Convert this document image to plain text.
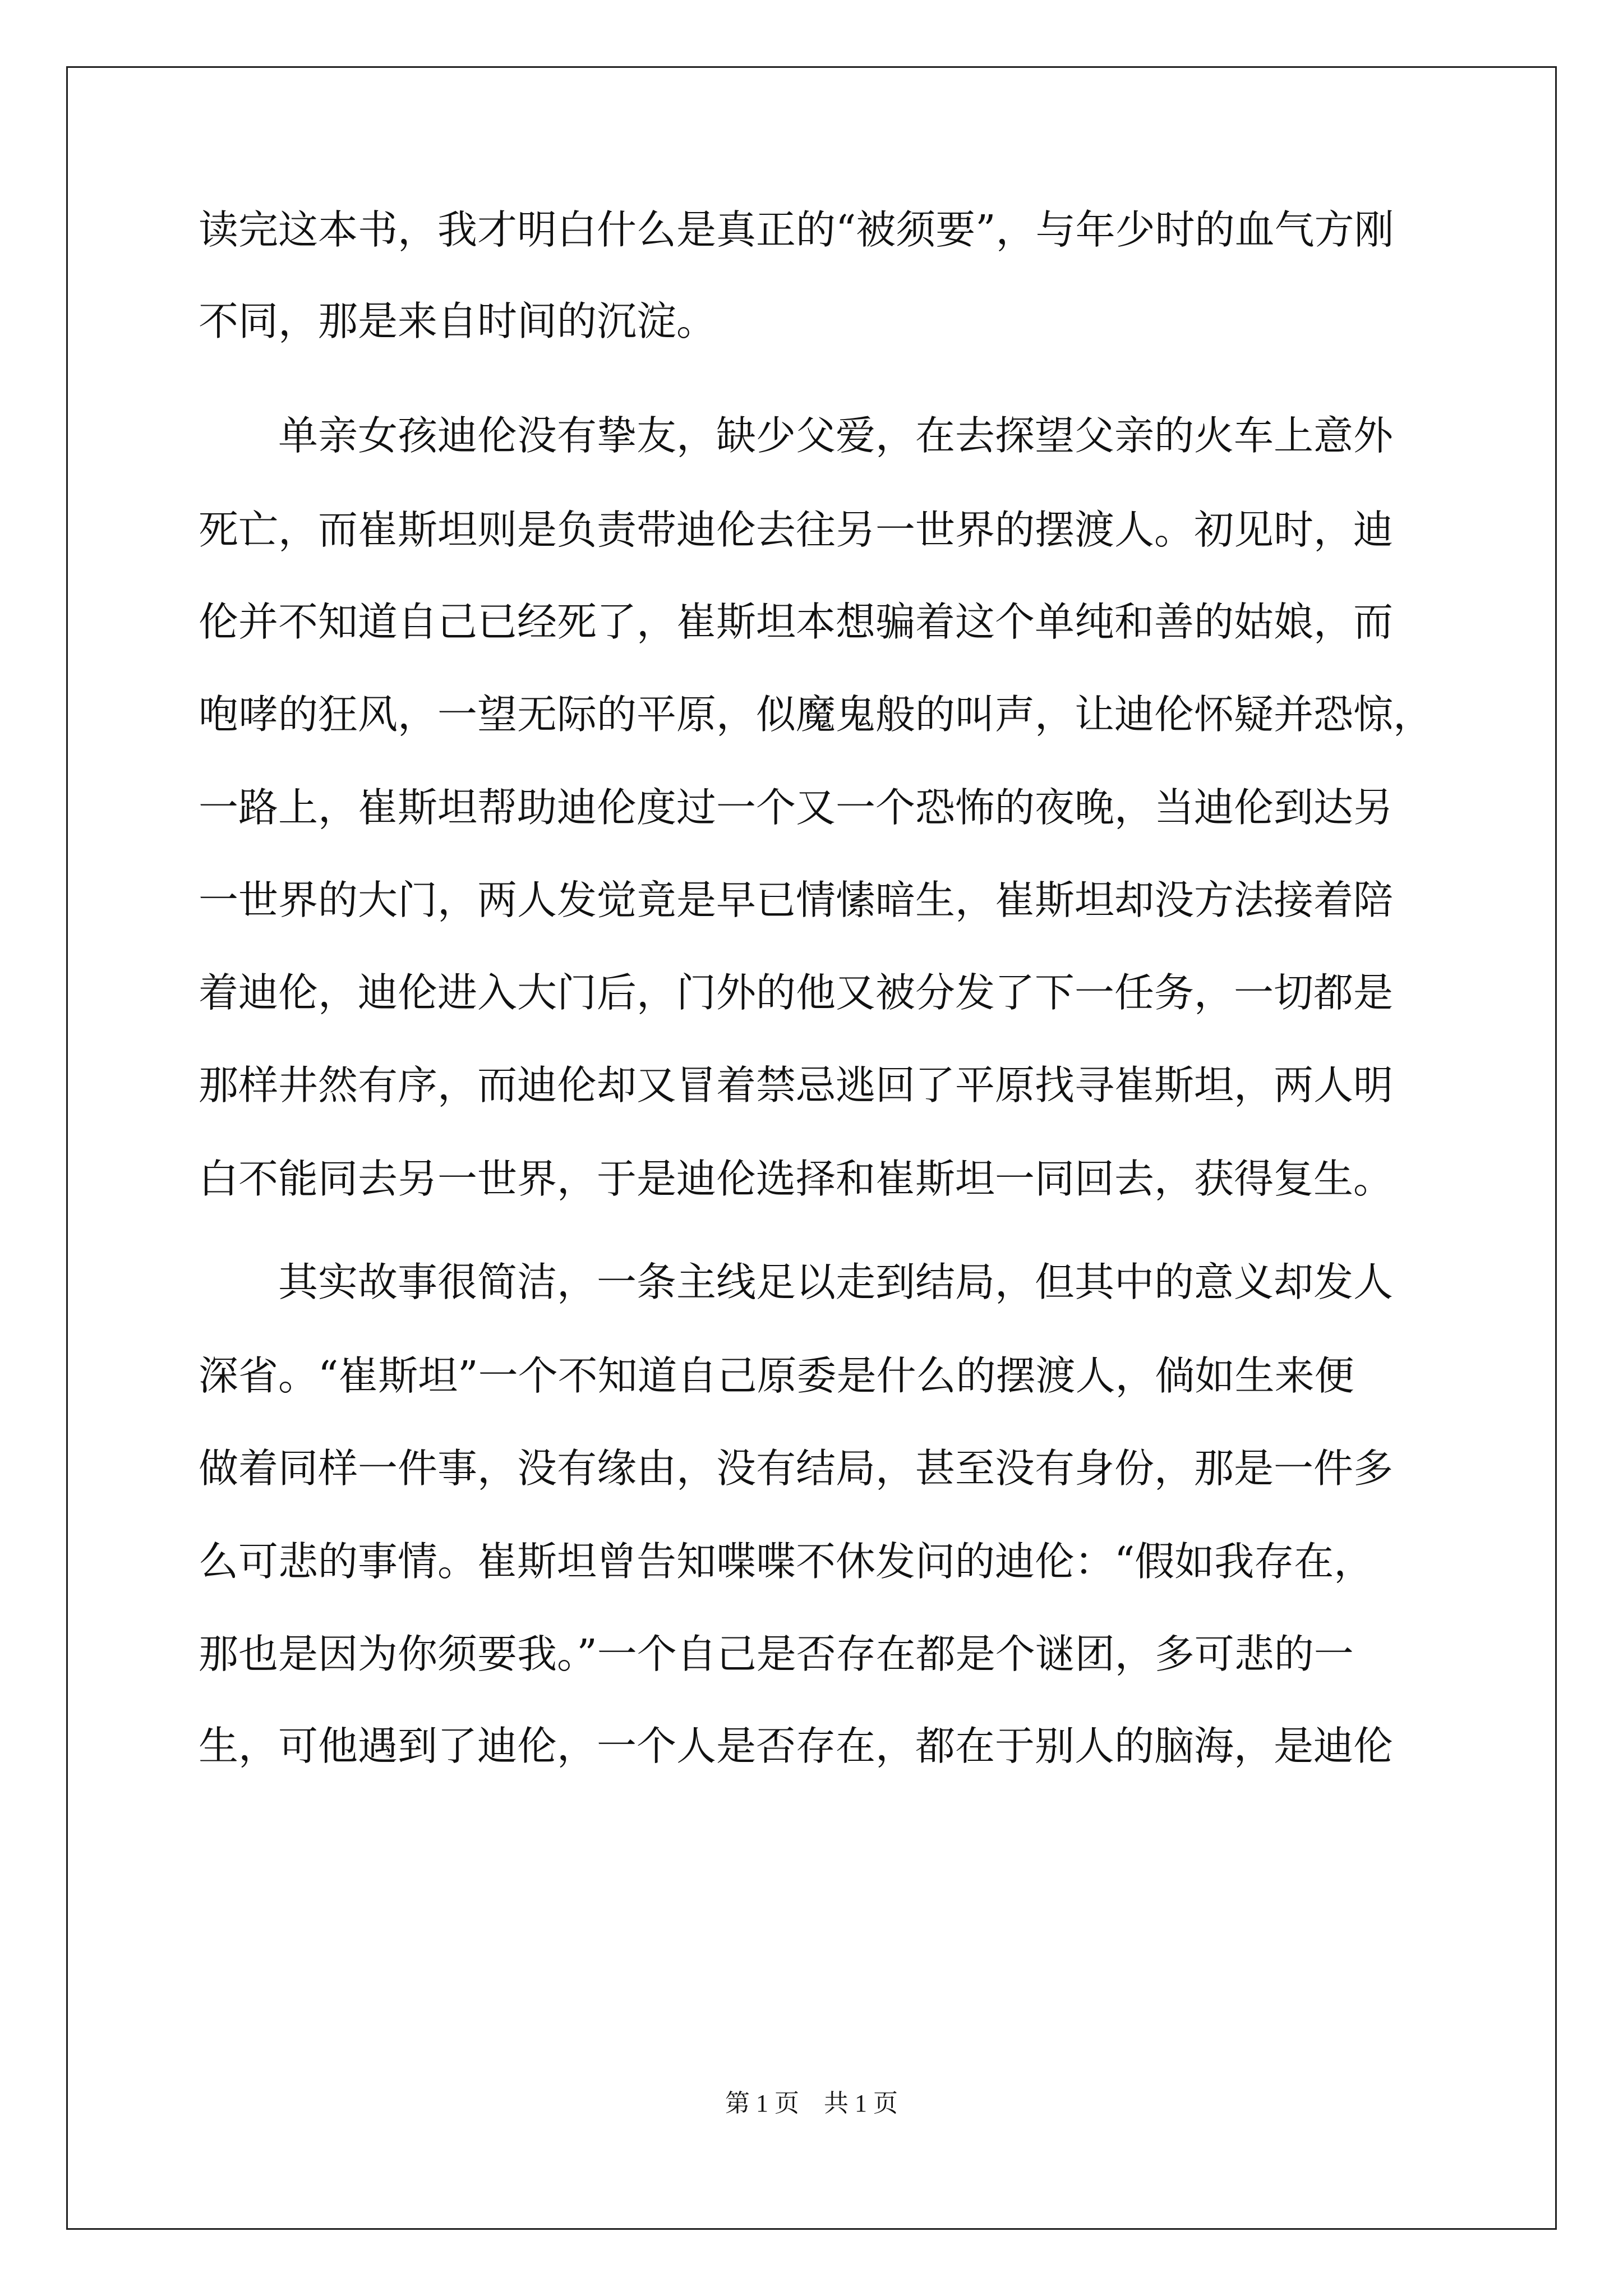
读完这本书，我才明白什么是真正的“被须要”，与年少时的血气方刚
不同，那是来自时间的沉淀。
　　单亲女孩迪伦没有挚友，缺少父爱，在去探望父亲的火车上意外
死亡，而崔斯坦则是负责带迪伦去往另一世界的摆渡人。初见时，迪
伦并不知道自己已经死了，崔斯坦本想骗着这个单纯和善的姑娘，而
咆哮的狂风，一望无际的平原，似魔鬼般的叫声，让迪伦怀疑并恐惊，
一路上，崔斯坦帮助迪伦度过一个又一个恐怖的夜晚，当迪伦到达另
一世界的大门，两人发觉竟是早已情愫暗生，崔斯坦却没方法接着陪
着迪伦，迪伦进入大门后，门外的他又被分发了下一任务，一切都是
那样井然有序，而迪伦却又冒着禁忌逃回了平原找寻崔斯坦，两人明
白不能同去另一世界，于是迪伦选择和崔斯坦一同回去，获得复生。
　　其实故事很简洁，一条主线足以走到结局，但其中的意义却发人
深省。“崔斯坦”一个不知道自己原委是什么的摆渡人，倘如生来便
做着同样一件事，没有缘由，没有结局，甚至没有身份，那是一件多
么可悲的事情。崔斯坦曾告知喋喋不休发问的迪伦：“假如我存在，
那也是因为你须要我。”一个自己是否存在都是个谜团，多可悲的一
生，可他遇到了迪伦，一个人是否存在，都在于别人的脑海，是迪伦
第 1 页　共 1 页
